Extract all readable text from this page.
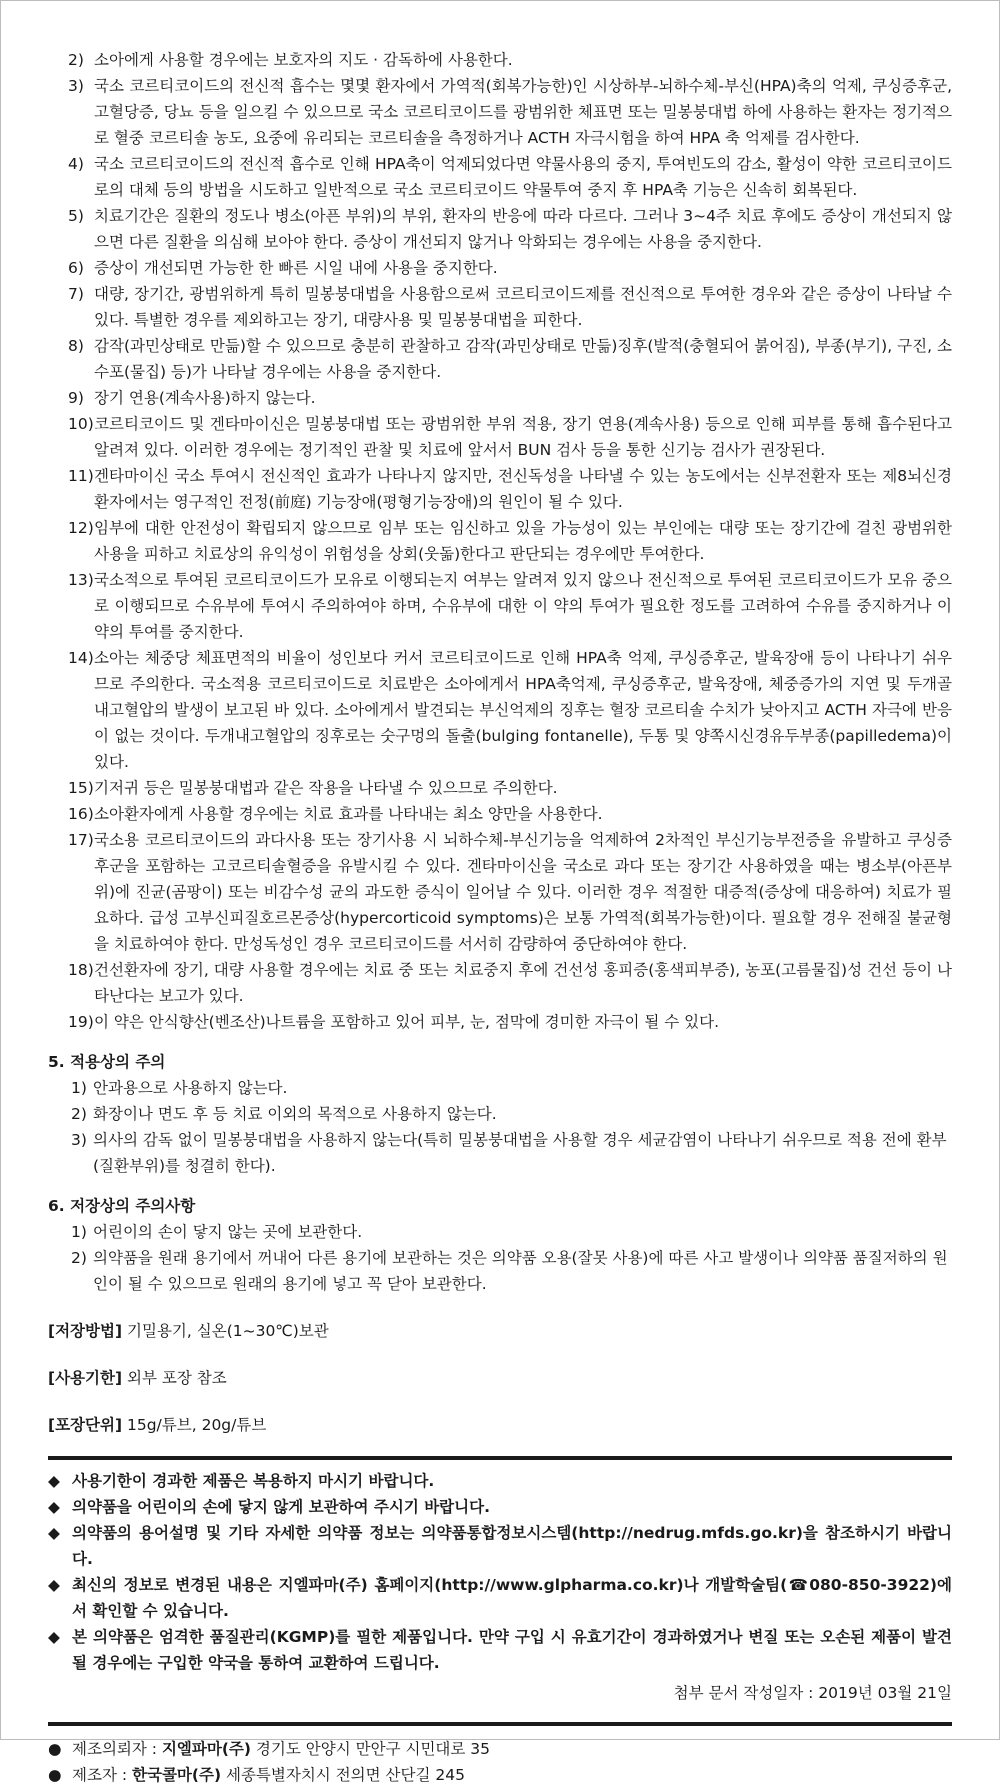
2) 소아에게 사용할 경우에는 보호자의 지도 · 감독하에 사용한다.
3) 국소 코르티코이드의 전신적 흡수는 몇몇 환자에서 가역적(회복가능한)인 시상하부-뇌하수체-부신(HPA)축의 억제, 쿠싱증후군, 고혈당증, 당뇨 등을 일으킬 수 있으므로 국소 코르티코이드를 광범위한 체표면 또는 밀봉붕대법 하에 사용하는 환자는 정기적으로 혈중 코르티솔 농도, 요중에 유리되는 코르티솔을 측정하거나 ACTH 자극시험을 하여 HPA 축 억제를 검사한다.
4) 국소 코르티코이드의 전신적 흡수로 인해 HPA축이 억제되었다면 약물사용의 중지, 투여빈도의 감소, 활성이 약한 코르티코이드로의 대체 등의 방법을 시도하고 일반적으로 국소 코르티코이드 약물투여 중지 후 HPA축 기능은 신속히 회복된다.
5) 치료기간은 질환의 정도나 병소(아픈 부위)의 부위, 환자의 반응에 따라 다르다. 그러나 3~4주 치료 후에도 증상이 개선되지 않으면 다른 질환을 의심해 보아야 한다. 증상이 개선되지 않거나 악화되는 경우에는 사용을 중지한다.
6) 증상이 개선되면 가능한 한 빠른 시일 내에 사용을 중지한다.
7) 대량, 장기간, 광범위하게 특히 밀봉붕대법을 사용함으로써 코르티코이드제를 전신적으로 투여한 경우와 같은 증상이 나타날 수 있다. 특별한 경우를 제외하고는 장기, 대량사용 및 밀봉붕대법을 피한다.
8) 감작(과민상태로 만듦)할 수 있으므로 충분히 관찰하고 감작(과민상태로 만듦)징후(발적(충혈되어 붉어짐), 부종(부기), 구진, 소수포(물집) 등)가 나타날 경우에는 사용을 중지한다.
9) 장기 연용(계속사용)하지 않는다.
10) 코르티코이드 및 겐타마이신은 밀봉붕대법 또는 광범위한 부위 적용, 장기 연용(계속사용) 등으로 인해 피부를 통해 흡수된다고 알려져 있다. 이러한 경우에는 정기적인 관찰 및 치료에 앞서서 BUN 검사 등을 통한 신기능 검사가 권장된다.
11) 겐타마이신 국소 투여시 전신적인 효과가 나타나지 않지만, 전신독성을 나타낼 수 있는 농도에서는 신부전환자 또는 제8뇌신경환자에서는 영구적인 전정(前庭) 기능장애(평형기능장애)의 원인이 될 수 있다.
12) 임부에 대한 안전성이 확립되지 않으므로 임부 또는 임신하고 있을 가능성이 있는 부인에는 대량 또는 장기간에 걸친 광범위한 사용을 피하고 치료상의 유익성이 위험성을 상회(웃돎)한다고 판단되는 경우에만 투여한다.
13) 국소적으로 투여된 코르티코이드가 모유로 이행되는지 여부는 알려져 있지 않으나 전신적으로 투여된 코르티코이드가 모유 중으로 이행되므로 수유부에 투여시 주의하여야 하며, 수유부에 대한 이 약의 투여가 필요한 정도를 고려하여 수유를 중지하거나 이 약의 투여를 중지한다.
14) 소아는 체중당 체표면적의 비율이 성인보다 커서 코르티코이드로 인해 HPA축 억제, 쿠싱증후군, 발육장애 등이 나타나기 쉬우므로 주의한다. 국소적용 코르티코이드로 치료받은 소아에게서 HPA축억제, 쿠싱증후군, 발육장애, 체중증가의 지연 및 두개골내고혈압의 발생이 보고된 바 있다. 소아에게서 발견되는 부신억제의 징후는 혈장 코르티솔 수치가 낮아지고 ACTH 자극에 반응이 없는 것이다. 두개내고혈압의 징후로는 숫구멍의 돌출(bulging fontanelle), 두통 및 양쪽시신경유두부종(papilledema)이 있다.
15) 기저귀 등은 밀봉붕대법과 같은 작용을 나타낼 수 있으므로 주의한다.
16) 소아환자에게 사용할 경우에는 치료 효과를 나타내는 최소 양만을 사용한다.
17) 국소용 코르티코이드의 과다사용 또는 장기사용 시 뇌하수체-부신기능을 억제하여 2차적인 부신기능부전증을 유발하고 쿠싱증후군을 포함하는 고코르티솔혈증을 유발시킬 수 있다. 겐타마이신을 국소로 과다 또는 장기간 사용하였을 때는 병소부(아픈부위)에 진균(곰팡이) 또는 비감수성 균의 과도한 증식이 일어날 수 있다. 이러한 경우 적절한 대증적(증상에 대응하여) 치료가 필요하다. 급성 고부신피질호르몬증상(hypercorticoid symptoms)은 보통 가역적(회복가능한)이다. 필요할 경우 전해질 불균형을 치료하여야 한다. 만성독성인 경우 코르티코이드를 서서히 감량하여 중단하여야 한다.
18) 건선환자에 장기, 대량 사용할 경우에는 치료 중 또는 치료중지 후에 건선성 홍피증(홍색피부증), 농포(고름물집)성 건선 등이 나타난다는 보고가 있다.
19) 이 약은 안식향산(벤조산)나트륨을 포함하고 있어 피부, 눈, 점막에 경미한 자극이 될 수 있다.
5. 적용상의 주의
1) 안과용으로 사용하지 않는다.
2) 화장이나 면도 후 등 치료 이외의 목적으로 사용하지 않는다.
3) 의사의 감독 없이 밀봉붕대법을 사용하지 않는다(특히 밀봉붕대법을 사용할 경우 세균감염이 나타나기 쉬우므로 적용 전에 환부(질환부위)를 청결히 한다).
6. 저장상의 주의사항
1) 어린이의 손이 닿지 않는 곳에 보관한다.
2) 의약품을 원래 용기에서 꺼내어 다른 용기에 보관하는 것은 의약품 오용(잘못 사용)에 따른 사고 발생이나 의약품 품질저하의 원인이 될 수 있으므로 원래의 용기에 넣고 꼭 닫아 보관한다.
[저장방법] 기밀용기, 실온(1~30℃)보관
[사용기한] 외부 포장 참조
[포장단위] 15g/튜브, 20g/튜브
◆ 사용기한이 경과한 제품은 복용하지 마시기 바랍니다.
◆ 의약품을 어린이의 손에 닿지 않게 보관하여 주시기 바랍니다.
◆ 의약품의 용어설명 및 기타 자세한 의약품 정보는 의약품통합정보시스템(http://nedrug.mfds.go.kr)을 참조하시기 바랍니다.
◆ 최신의 정보로 변경된 내용은 지엘파마(주) 홈페이지(http://www.glpharma.co.kr)나 개발학술팀(☎080-850-3922)에서 확인할 수 있습니다.
◆ 본 의약품은 엄격한 품질관리(KGMP)를 필한 제품입니다. 만약 구입 시 유효기간이 경과하였거나 변질 또는 오손된 제품이 발견될 경우에는 구입한 약국을 통하여 교환하여 드립니다.
첨부 문서 작성일자 : 2019년 03월 21일
● 제조의뢰자 : 지엘파마(주) 경기도 안양시 만안구 시민대로 35
● 제조자 : 한국콜마(주) 세종특별자치시 전의면 산단길 245
